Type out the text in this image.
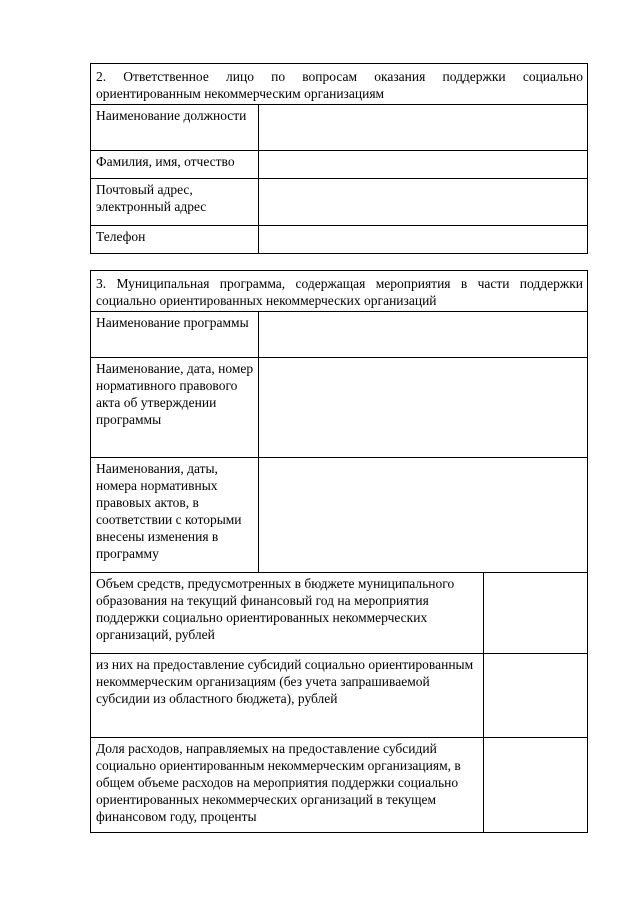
2. Ответственное лицо по вопросам оказания поддержки социально
ориентированным некоммерческим организациям	
Наименование должности	
Фамилия, имя, отчество	
Почтовый адрес, электронный адрес	
Телефон	
3. Муниципальная программа, содержащая мероприятия в части поддержки социально ориентированных некоммерческих организаций		
Наименование программы		
Наименование, дата, номер нормативного правового акта об утверждении программы		
Наименования, даты, номера нормативных правовых актов, в соответствии с которыми внесены изменения в программу		
Объем средств, предусмотренных в бюджете муниципального образования на текущий финансовый год на мероприятия поддержки социально ориентированных некоммерческих организаций, рублей		
из них на предоставление субсидий социально ориентированным некоммерческим организациям (без учета запрашиваемой субсидии из областного бюджета), рублей		
Доля расходов, направляемых на предоставление субсидий социально ориентированным некоммерческим организациям, в общем объеме расходов на мероприятия поддержки социально ориентированных некоммерческих организаций в текущем финансовом году, проценты		
